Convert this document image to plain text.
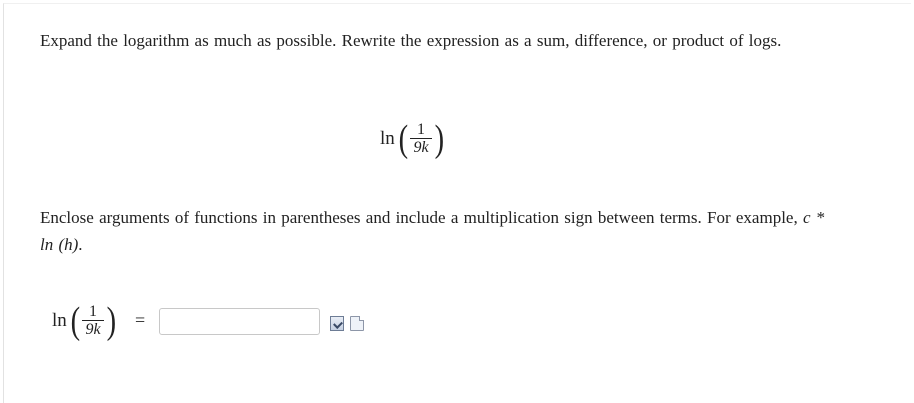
Expand the logarithm as much as possible. Rewrite the expression as a sum, difference, or product of logs.
ln ( $\frac{1}{9k}$ )
Enclose arguments of functions in parentheses and include a multiplication sign between terms. For example, c * ln (h).
ln ( $\frac{1}{9k}$ ) =
